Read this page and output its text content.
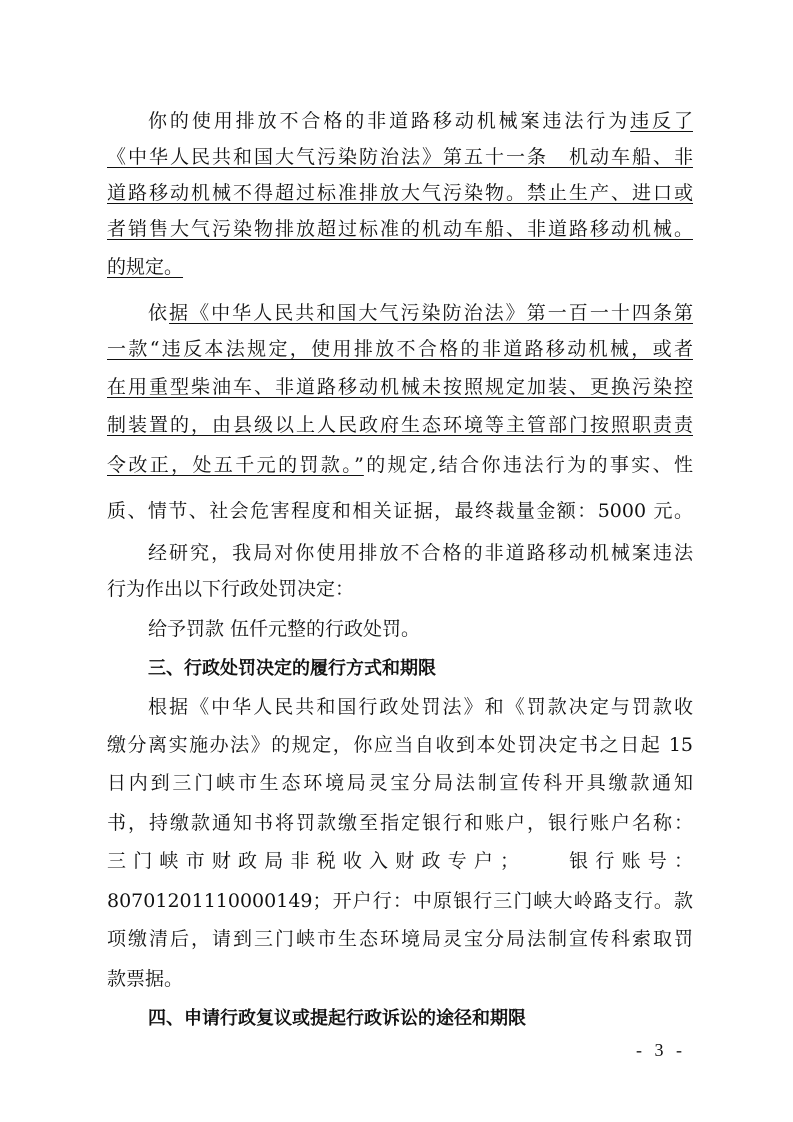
你的使用排放不合格的非道路移动机械案违法行为违反了
《中华人民共和国大气污染防治法》第五十一条　机动车船、非
道路移动机械不得超过标准排放大气污染物。禁止生产、进口或
者销售大气污染物排放超过标准的机动车船、非道路移动机械。
的规定。
依据《中华人民共和国大气污染防治法》第一百一十四条第
一款“违反本法规定，使用排放不合格的非道路移动机械，或者
在用重型柴油车、非道路移动机械未按照规定加装、更换污染控
制装置的，由县级以上人民政府生态环境等主管部门按照职责责
令改正，处五千元的罚款。”的规定,结合你违法行为的事实、性
质、情节、社会危害程度和相关证据，最终裁量金额：5000 元。
经研究，我局对你使用排放不合格的非道路移动机械案违法
行为作出以下行政处罚决定：
给予罚款 伍仟元整的行政处罚。
三、行政处罚决定的履行方式和期限
根据《中华人民共和国行政处罚法》和《罚款决定与罚款收
缴分离实施办法》的规定，你应当自收到本处罚决定书之日起 15
日内到三门峡市生态环境局灵宝分局法制宣传科开具缴款通知
书，持缴款通知书将罚款缴至指定银行和账户，银行账户名称：
三门峡市财政局非税收入财政专户；　　银行账号：
80701201110000149；开户行：中原银行三门峡大岭路支行。款
项缴清后，请到三门峡市生态环境局灵宝分局法制宣传科索取罚
款票据。
四、申请行政复议或提起行政诉讼的途径和期限
- 3 -
